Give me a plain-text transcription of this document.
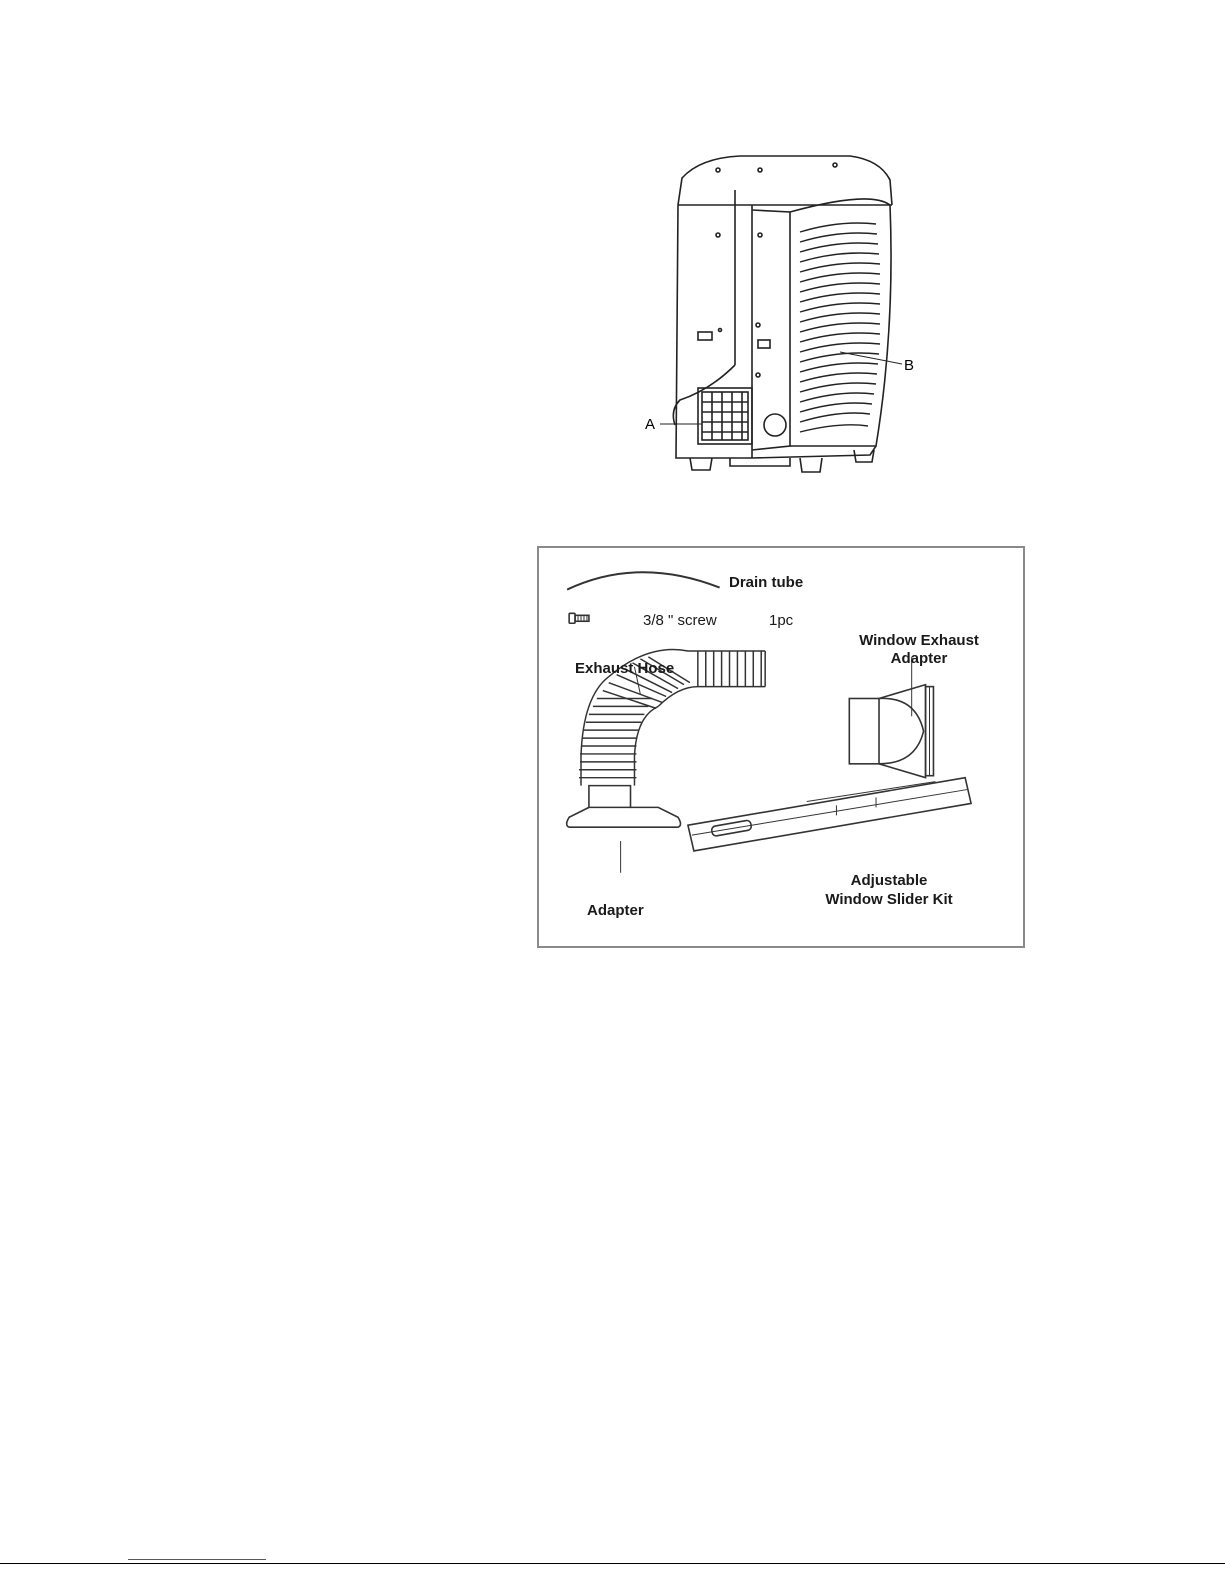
A
B
Drain tube
3/8 " screw	1pc
Exhaust Hose
Window Exhaust
Adapter
Adapter
Adjustable
Window Slider Kit
